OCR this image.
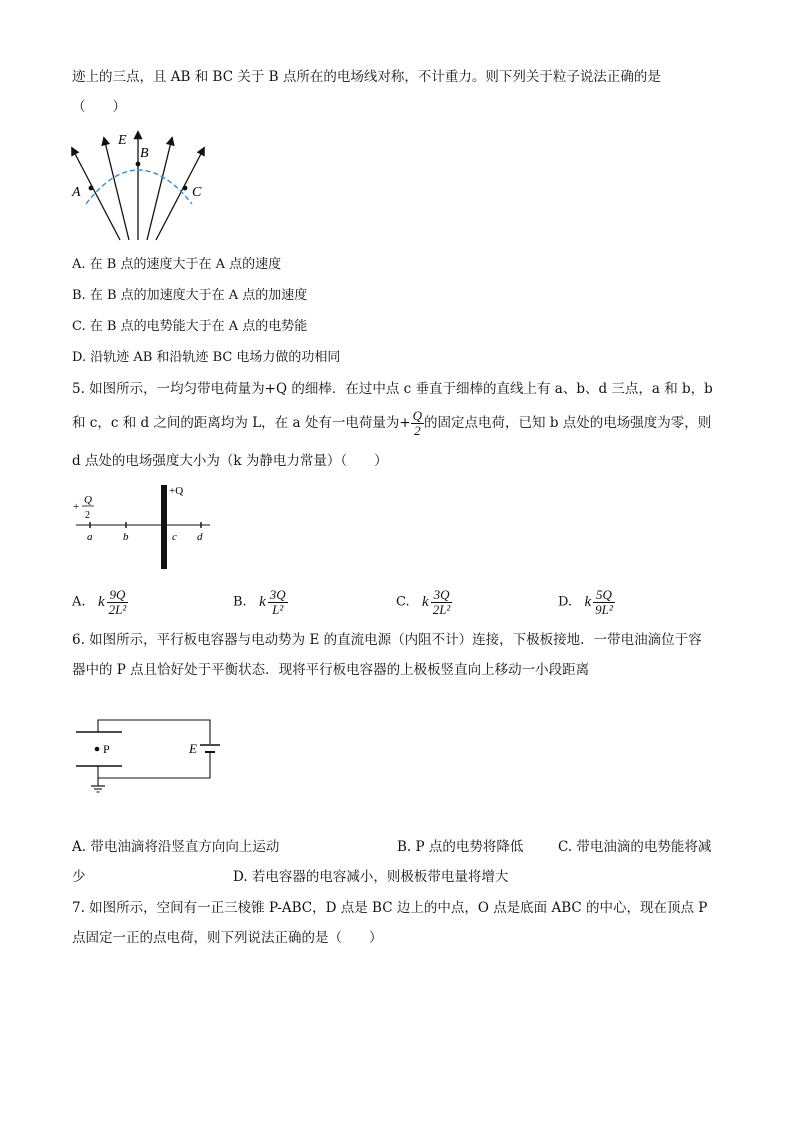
迹上的三点，且 AB 和 BC 关于 B 点所在的电场线对称，不计重力。则下列关于粒子说法正确的是
（　　）
E
B
A	C
A. 在 B 点的速度大于在 A 点的速度
B. 在 B 点的加速度大于在 A 点的加速度
C. 在 B 点的电势能大于在 A 点的电势能
D. 沿轨迹 AB 和沿轨迹 BC 电场力做的功相同
5. 如图所示，一均匀带电荷量为+Q 的细棒．在过中点 c 垂直于细棒的直线上有 a、b、d 三点，a 和 b，b
和 c，c 和 d 之间的距离均为 L，在 a 处有一电荷量为+ $\frac{Q}{2}$ 的固定点电荷，已知 b 点处的电场强度为零，则
d 点处的电场强度大小为（k 为静电力常量）（　　）
+
Q
2
+Q
a	b	c d
A. k $\frac{9Q}{\text{2L²}}$	B. k $\frac{3Q}{\text{L²}}$	C. k $\frac{3Q}{\text{2L²}}$	D. k $\frac{5Q}{\text{9L²}}$
6. 如图所示，平行板电容器与电动势为 E 的直流电源（内阻不计）连接，下极板接地．一带电油滴位于容
器中的 P 点且恰好处于平衡状态．现将平行板电容器的上极板竖直向上移动一小段距离
P	E
A. 带电油滴将沿竖直方向向上运动	B. P 点的电势将降低	C. 带电油滴的电势能将减
少	D. 若电容器的电容减小，则极板带电量将增大
7. 如图所示，空间有一正三棱锥 P-ABC，D 点是 BC 边上的中点，O 点是底面 ABC 的中心，现在顶点 P
点固定一正的点电荷，则下列说法正确的是（　　）
